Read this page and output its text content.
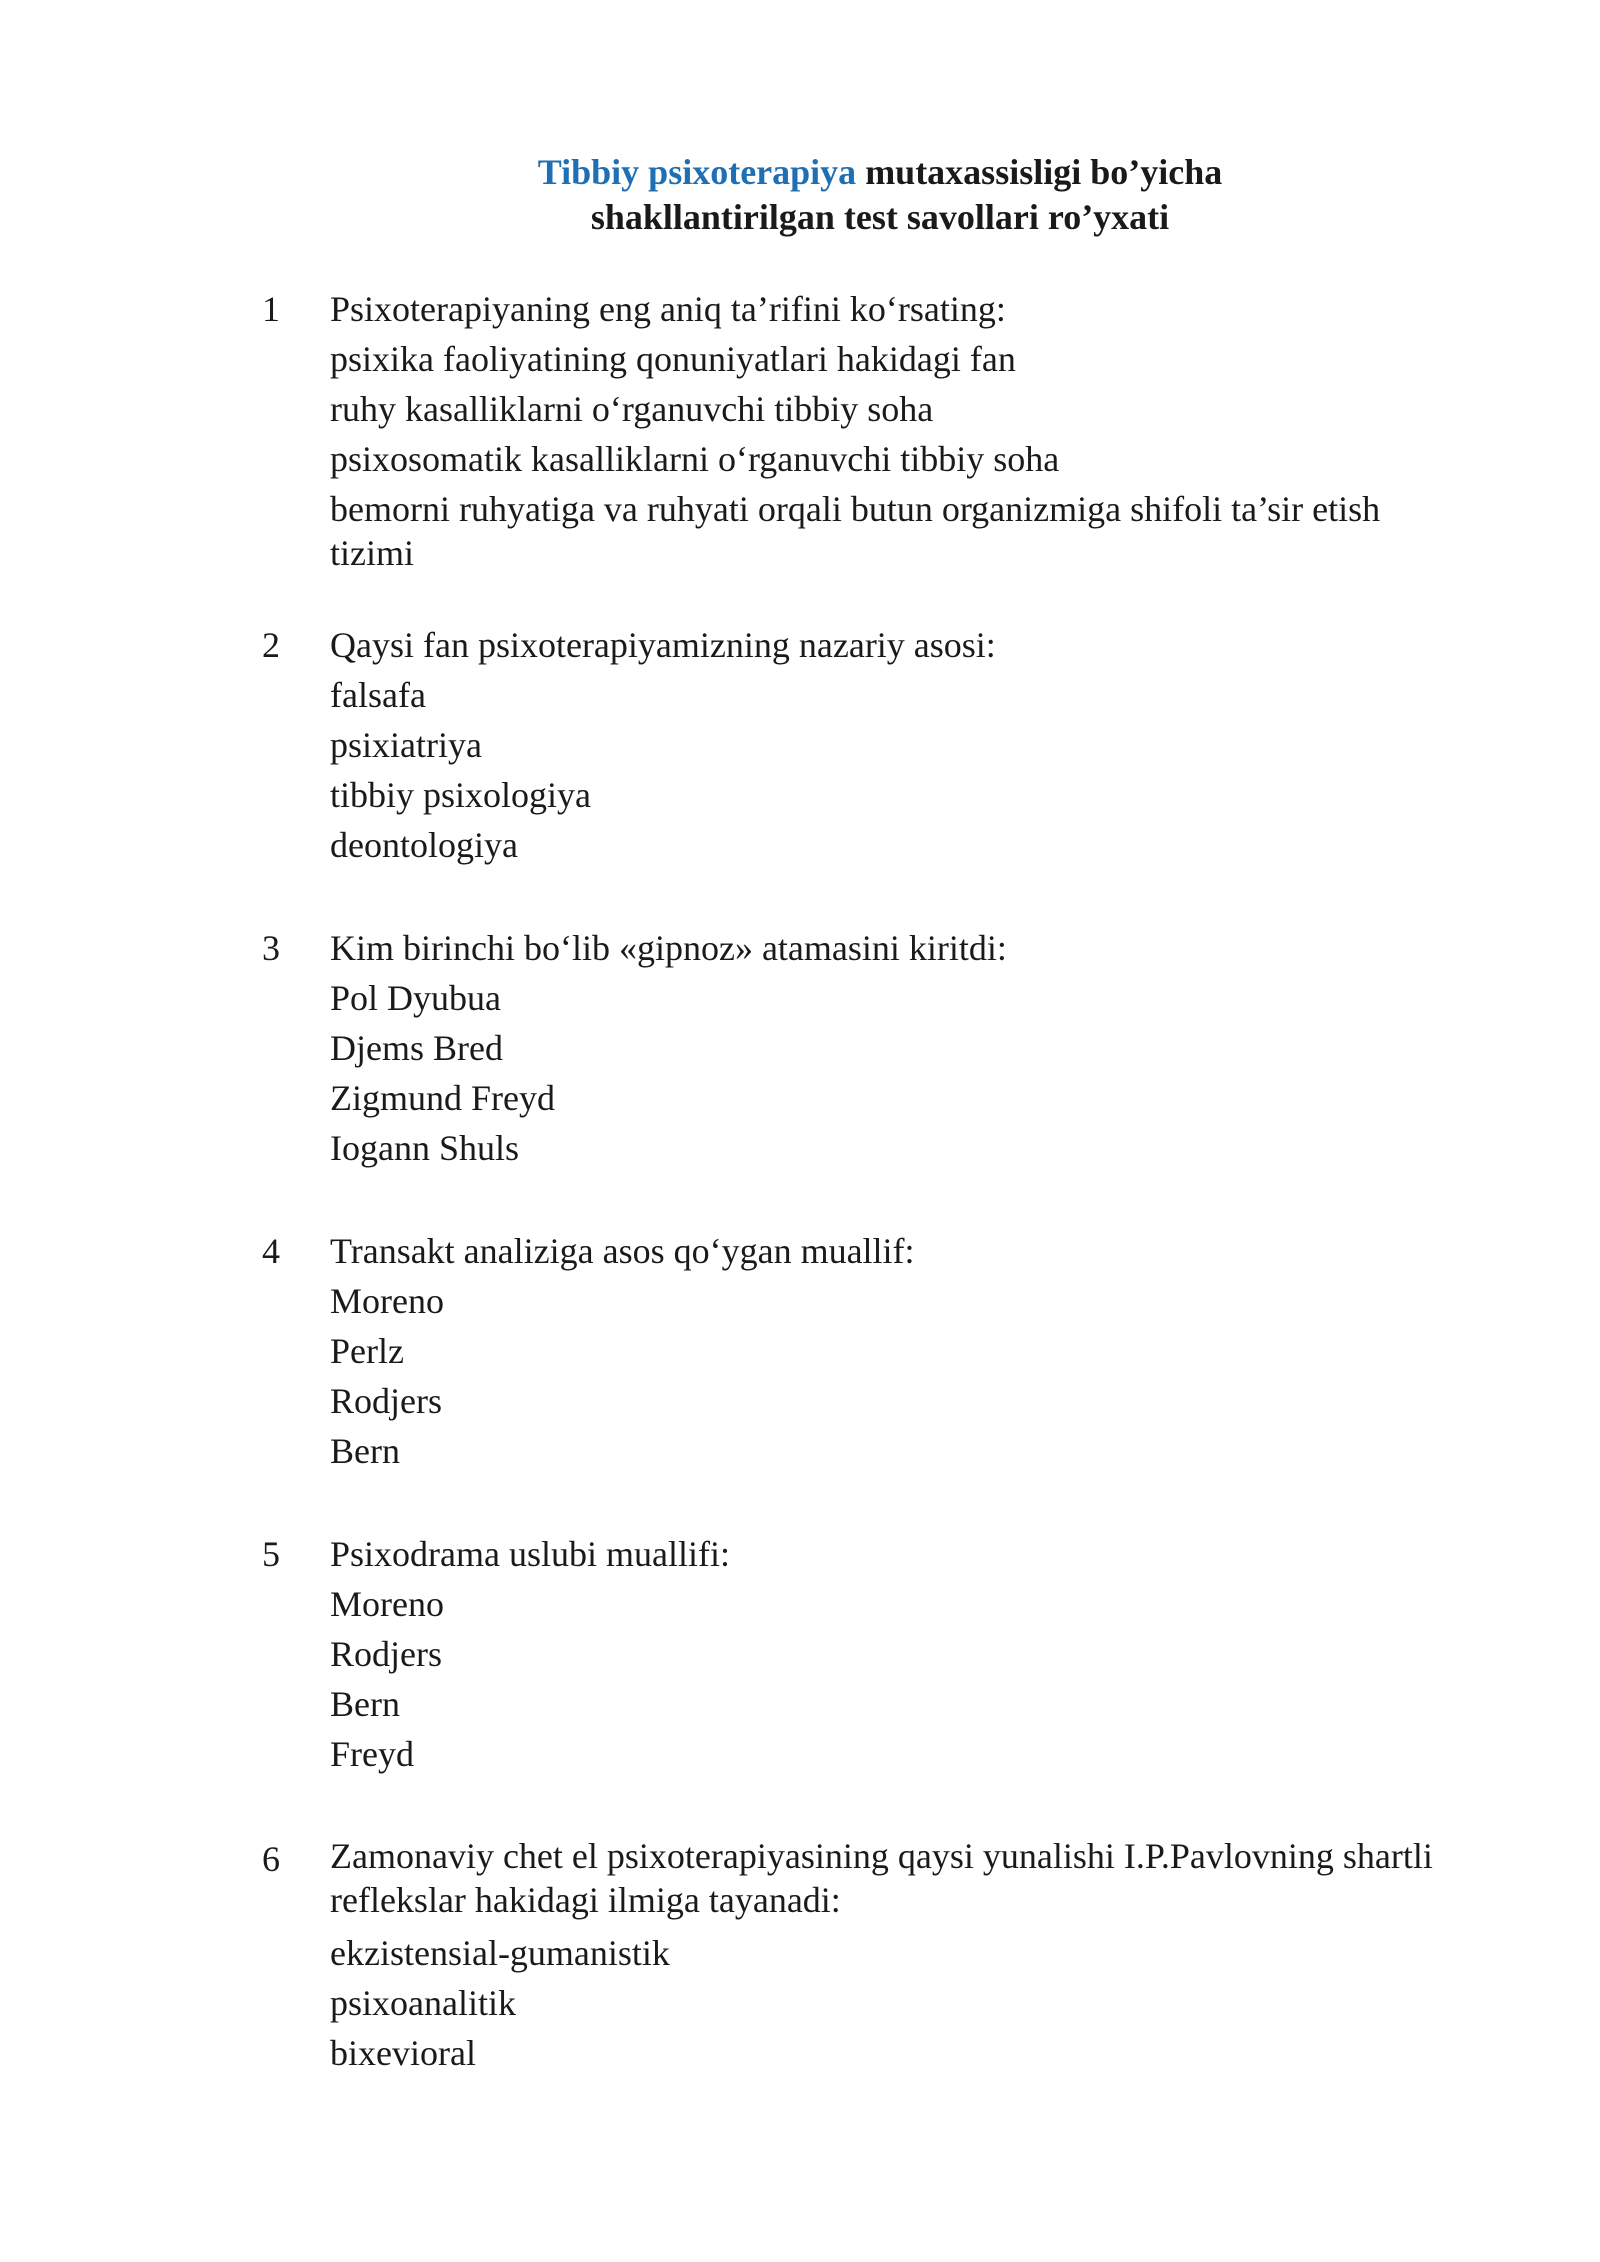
Tibbiy psixoterapiya mutaxassisligi bo’yicha
shakllantirilgan test savollari ro’yxati
1 Psixoterapiyaning eng aniq ta’rifini ko‘rsating:
psixika faoliyatining qonuniyatlari hakidagi fan
ruhy kasalliklarni o‘rganuvchi tibbiy soha
psixosomatik kasalliklarni o‘rganuvchi tibbiy soha
bemorni ruhyatiga va ruhyati orqali butun organizmiga shifoli ta’sir etish tizimi
2 Qaysi fan psixoterapiyamizning nazariy asosi:
falsafa
psixiatriya
tibbiy psixologiya
deontologiya
3 Kim birinchi bo‘lib «gipnoz» atamasini kiritdi:
Pol Dyubua
Djems Bred
Zigmund Freyd
Iogann Shuls
4 Transakt analiziga asos qo‘ygan muallif:
Moreno
Perlz
Rodjers
Bern
5 Psixodrama uslubi muallifi:
Moreno
Rodjers
Bern
Freyd
6 Zamonaviy chet el psixoterapiyasining qaysi yunalishi I.P.Pavlovning shartli reflekslar hakidagi ilmiga tayanadi:
ekzistensial-gumanistik
psixoanalitik
bixevioral
